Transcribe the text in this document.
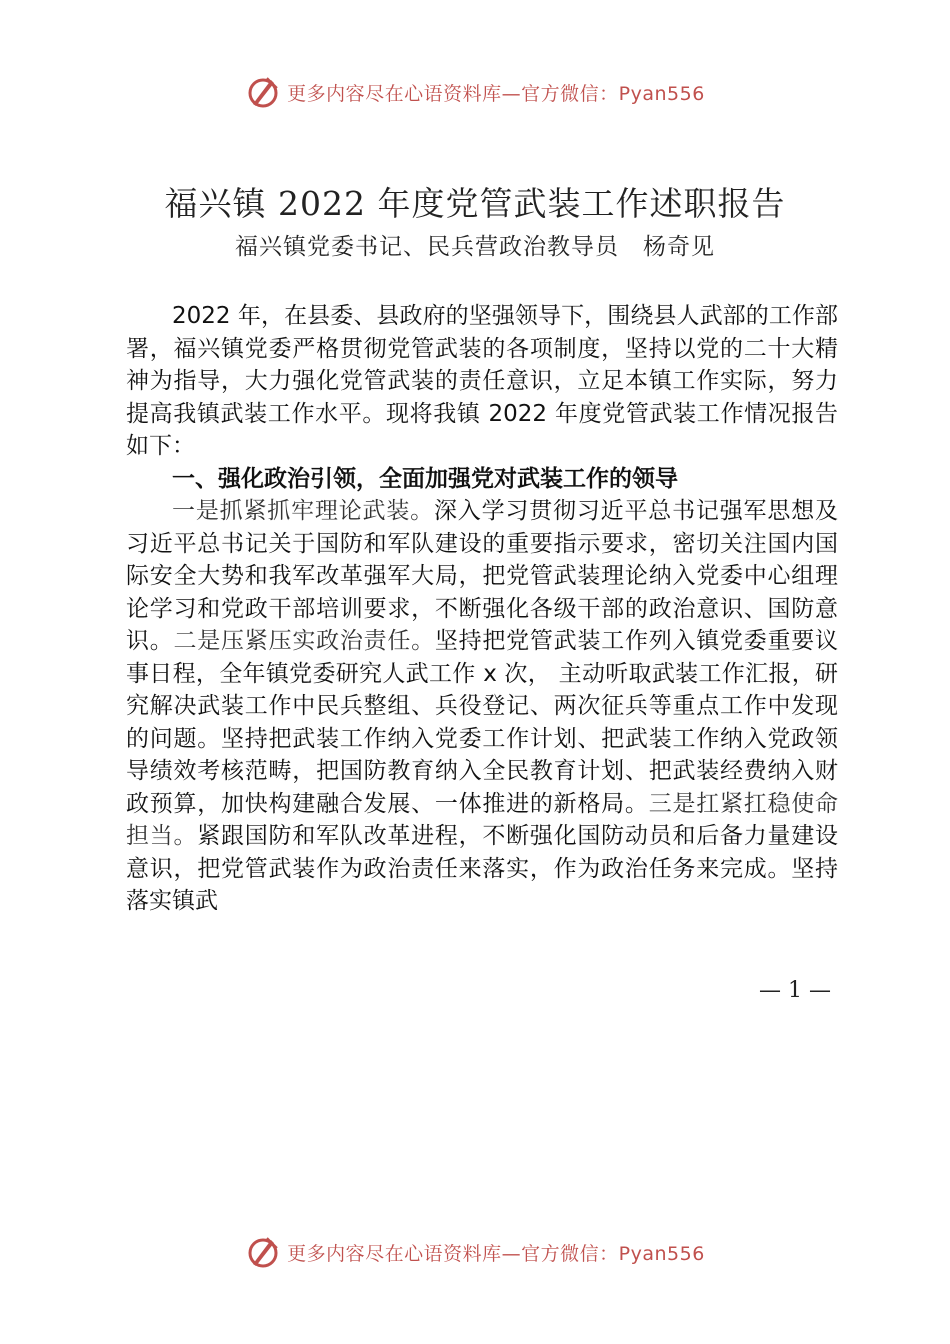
更多内容尽在心语资料库—官方微信：Pyan556
福兴镇 2022 年度党管武装工作述职报告
福兴镇党委书记、民兵营政治教导员　杨奇见

2022 年，在县委、县政府的坚强领导下，围绕县人武部的工作部署，福兴镇党委严格贯彻党管武装的各项制度，坚持以党的二十大精神为指导，大力强化党管武装的责任意识，立足本镇工作实际，努力提高我镇武装工作水平。现将我镇 2022 年度党管武装工作情况报告如下：

一、强化政治引领，全面加强党对武装工作的领导

一是抓紧抓牢理论武装。深入学习贯彻习近平总书记强军思想及习近平总书记关于国防和军队建设的重要指示要求，密切关注国内国际安全大势和我军改革强军大局，把党管武装理论纳入党委中心组理论学习和党政干部培训要求，不断强化各级干部的政治意识、国防意识。二是压紧压实政治责任。坚持把党管武装工作列入镇党委重要议事日程，全年镇党委研究人武工作 x 次， 主动听取武装工作汇报，研究解决武装工作中民兵整组、兵役登记、两次征兵等重点工作中发现的问题。坚持把武装工作纳入党委工作计划、把武装工作纳入党政领导绩效考核范畴，把国防教育纳入全民教育计划、把武装经费纳入财政预算，加快构建融合发展、一体推进的新格局。三是扛紧扛稳使命担当。紧跟国防和军队改革进程，不断强化国防动员和后备力量建设意识，把党管武装作为政治责任来落实，作为政治任务来完成。坚持落实镇武

— 1 —
更多内容尽在心语资料库—官方微信：Pyan556
